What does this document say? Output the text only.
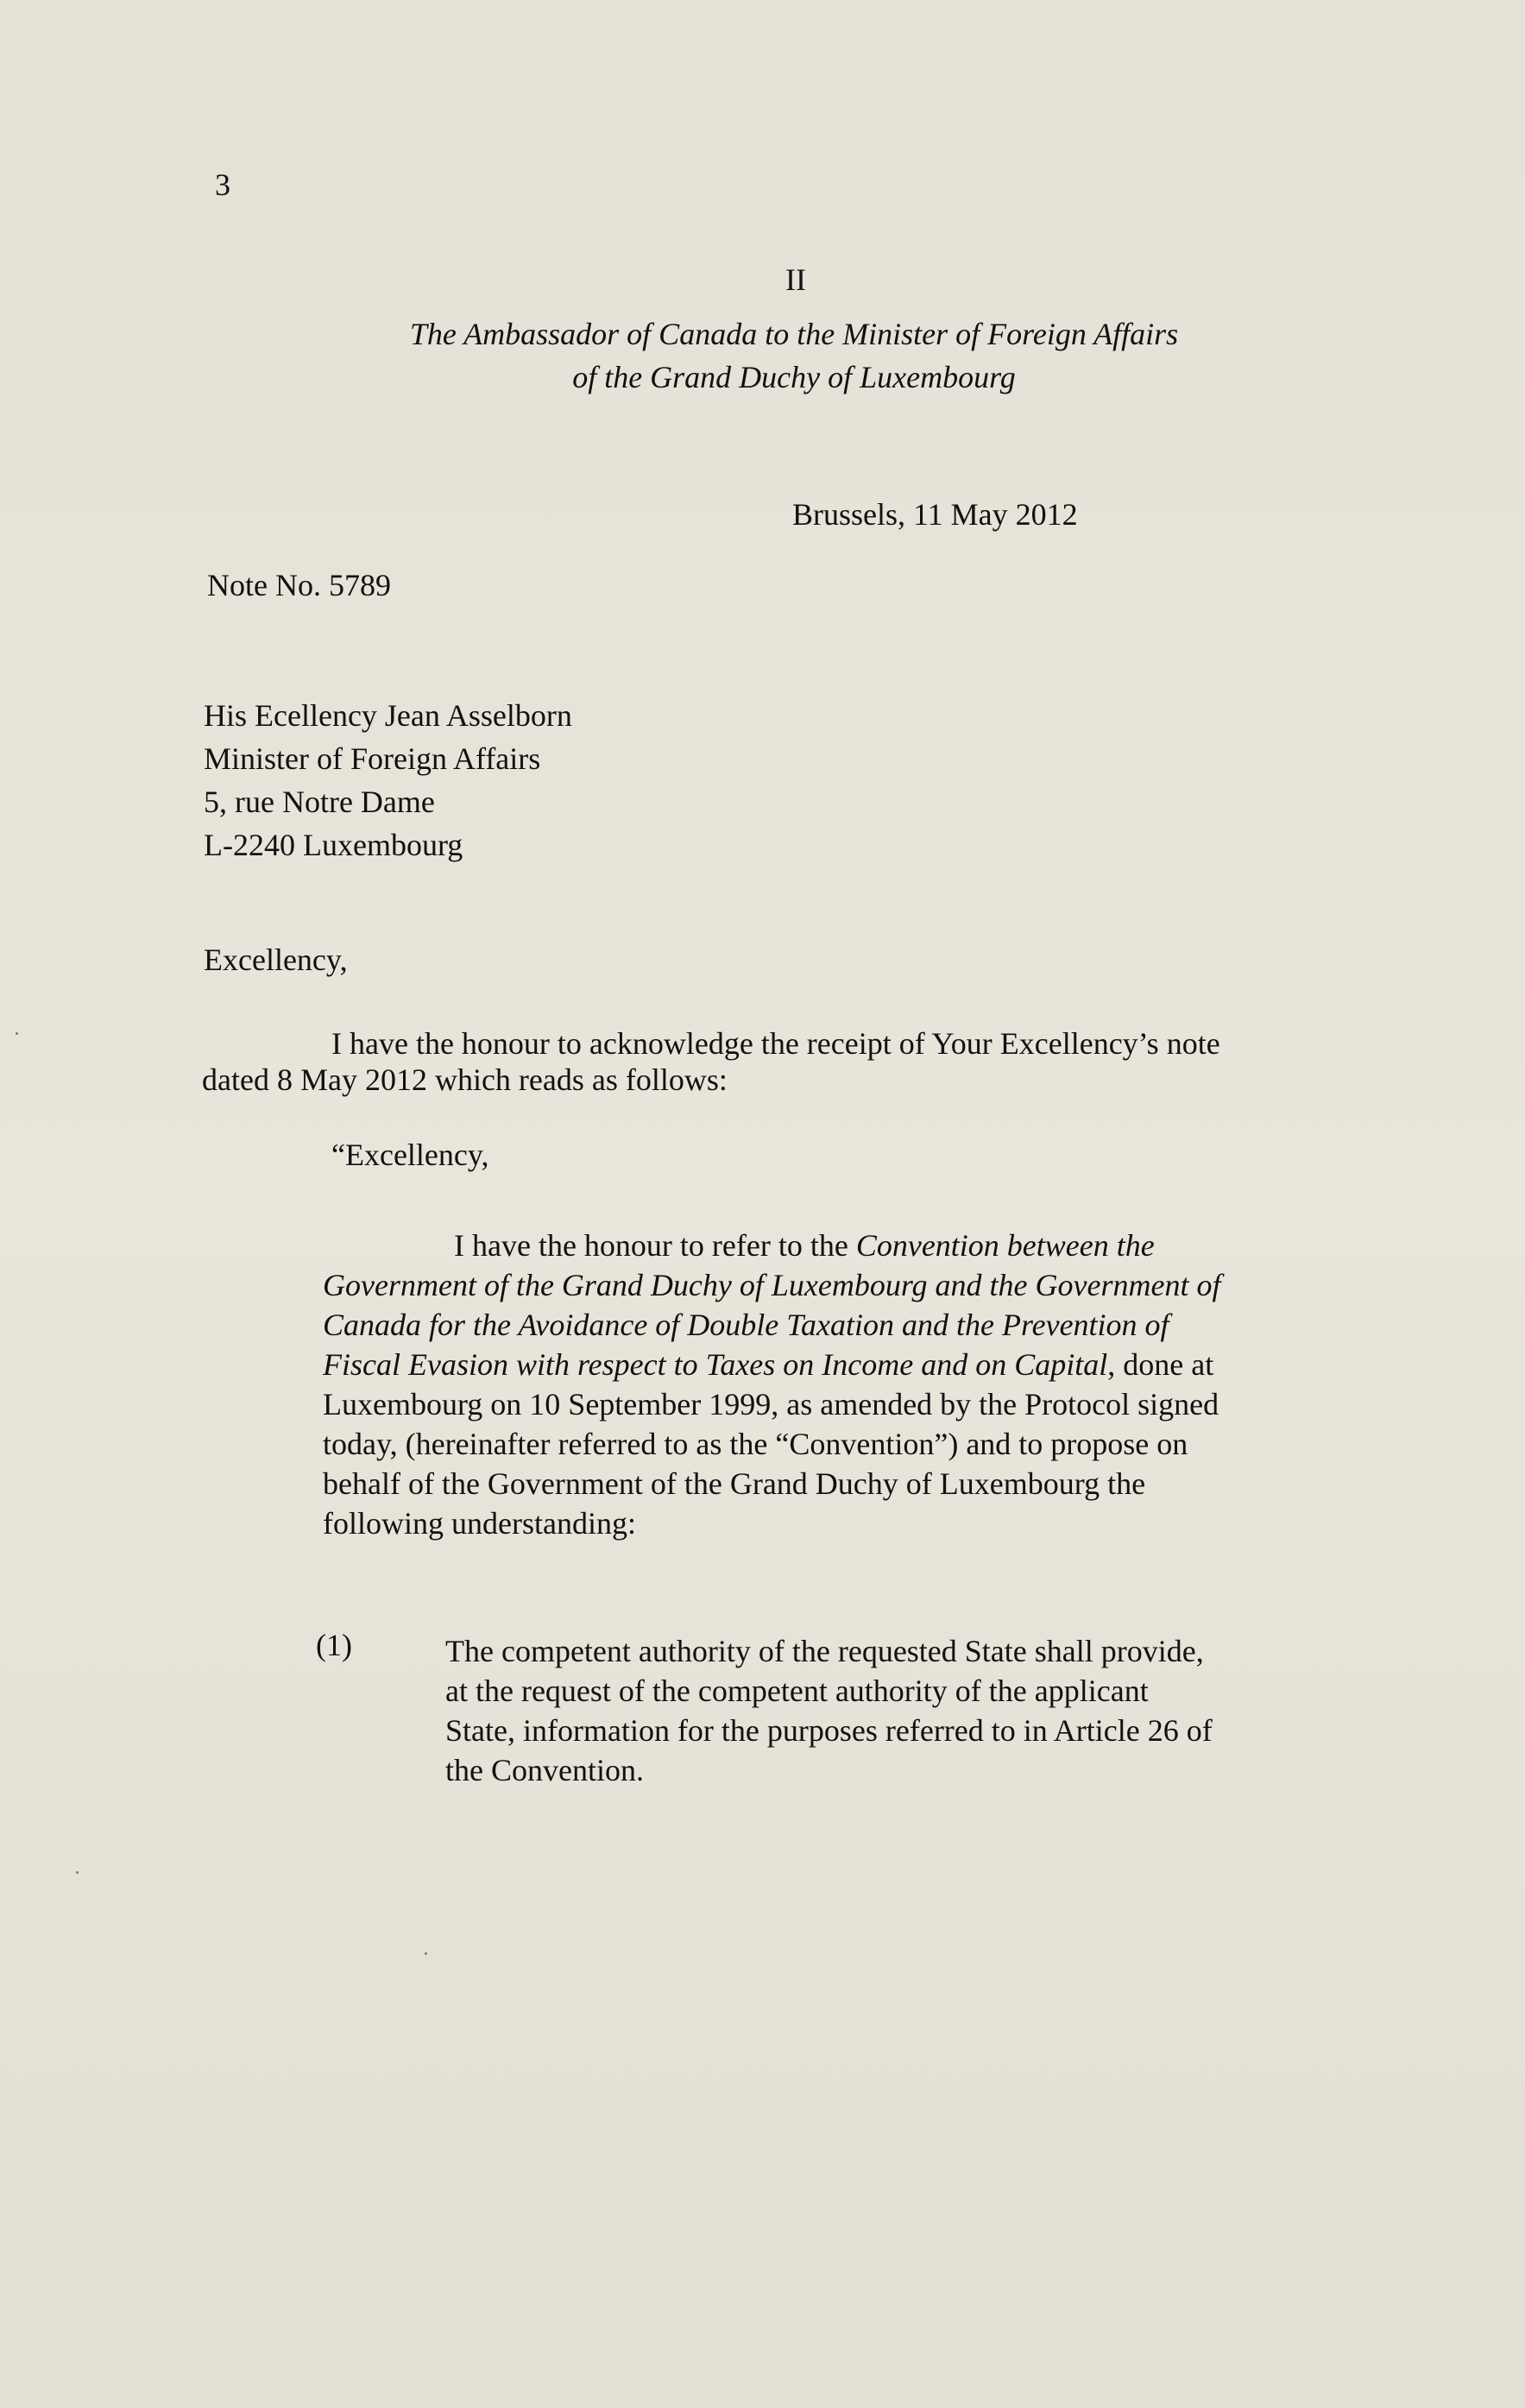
3
II
The Ambassador of Canada to the Minister of Foreign Affairs
of the Grand Duchy of Luxembourg
Brussels, 11 May 2012
Note No. 5789
His Ecellency Jean Asselborn
Minister of Foreign Affairs
5, rue Notre Dame
L-2240 Luxembourg
Excellency,
I have the honour to acknowledge the receipt of Your Excellency’s note
dated 8 May 2012 which reads as follows:
“Excellency,
I have the honour to refer to the Convention between the Government of the Grand Duchy of Luxembourg and the Government of Canada for the Avoidance of Double Taxation and the Prevention of Fiscal Evasion with respect to Taxes on Income and on Capital, done at Luxembourg on 10 September 1999, as amended by the Protocol signed today, (hereinafter referred to as the “Convention”) and to propose on behalf of the Government of the Grand Duchy of Luxembourg the following understanding:
(1)	The competent authority of the requested State shall provide, at the request of the competent authority of the applicant State, information for the purposes referred to in Article 26 of the Convention.
